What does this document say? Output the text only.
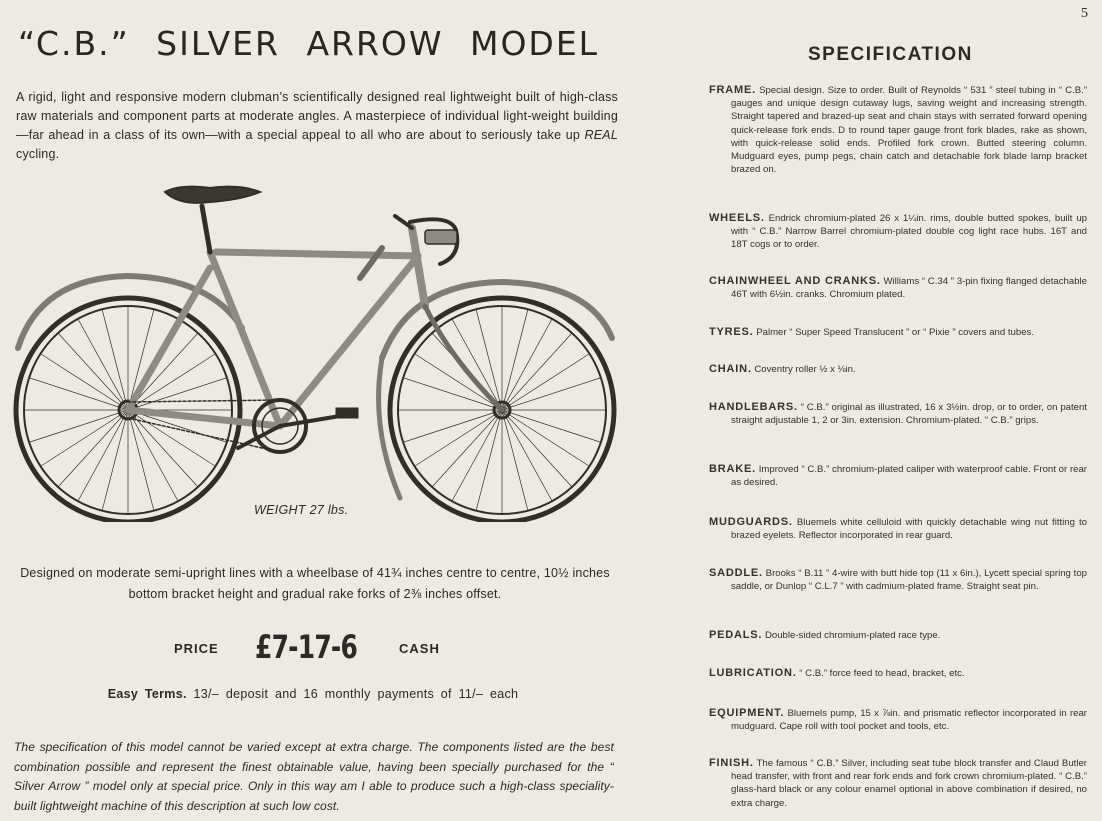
5
“C.B.” SILVER ARROW MODEL

A rigid, light and responsive modern clubman’s scientifically designed real lightweight built of high-class raw materials and component parts at moderate angles. A masterpiece of individual light-weight building—far ahead in a class of its own—with a special appeal to all who are about to seriously take up REAL cycling.

WEIGHT 27 lbs.
Designed on moderate semi-upright lines with a wheelbase of 41¾ inches centre to centre, 10½ inches
bottom bracket height and gradual rake forks of 2⅜ inches offset.
PRICE £7-17-6	CASH
Easy Terms. 13/– deposit and 16 monthly payments of 11/– each

The specification of this model cannot be varied except at extra charge. The components listed are the best combination possible and represent the finest obtainable value, having been specially purchased for the “ Silver Arrow ” model only at special price. Only in this way am I able to produce such a high-class speciality-built lightweight machine of this description at such low cost.

SPECIFICATION
FRAME. Special design. Size to order. Built of Reynolds “ 531 ” steel tubing in “ C.B.” gauges and unique design cutaway lugs, saving weight and increasing strength. Straight tapered and brazed-up seat and chain stays with serrated forward opening quick-release fork ends. D to round taper gauge front fork blades, rake as shown, with quick-release solid ends. Profiled fork crown. Butted steering column. Mudguard eyes, pump pegs, chain catch and detachable fork blade lamp bracket brazed on.
WHEELS. Endrick chromium-plated 26 x 1¼in. rims, double butted spokes, built up with “ C.B.” Narrow Barrel chromium-plated double cog light race hubs. 16T and 18T cogs or to order.
CHAINWHEEL AND CRANKS. Williams “ C.34 ” 3-pin fixing flanged detachable 46T with 6½in. cranks. Chromium plated.
TYRES. Palmer “ Super Speed Translucent ” or “ Pixie ” covers and tubes.
CHAIN. Coventry roller ½ x ⅛in.
HANDLEBARS. “ C.B.” original as illustrated, 16 x 3½in. drop, or to order, on patent straight adjustable 1, 2 or 3in. extension. Chromium-plated. “ C.B.” grips.
BRAKE. Improved “ C.B.” chromium-plated caliper with waterproof cable. Front or rear as desired.
MUDGUARDS. Bluemels white celluloid with quickly detachable wing nut fitting to brazed eyelets. Reflector incorporated in rear guard.
SADDLE. Brooks “ B.11 ” 4-wire with butt hide top (11 x 6in.), Lycett special spring top saddle, or Dunlop “ C.L.7 ” with cadmium-plated frame. Straight seat pin.
PEDALS. Double-sided chromium-plated race type.
LUBRICATION. “ C.B.” force feed to head, bracket, etc.
EQUIPMENT. Bluemels pump, 15 x ⅞in. and prismatic reflector incorporated in rear mudguard. Cape roll with tool pocket and tools, etc.
FINISH. The famous “ C.B.” Silver, including seat tube block transfer and Claud Butler head transfer, with front and rear fork ends and fork crown chromium-plated. “ C.B.” glass-hard black or any colour enamel optional in above combination if desired, no extra charge.
